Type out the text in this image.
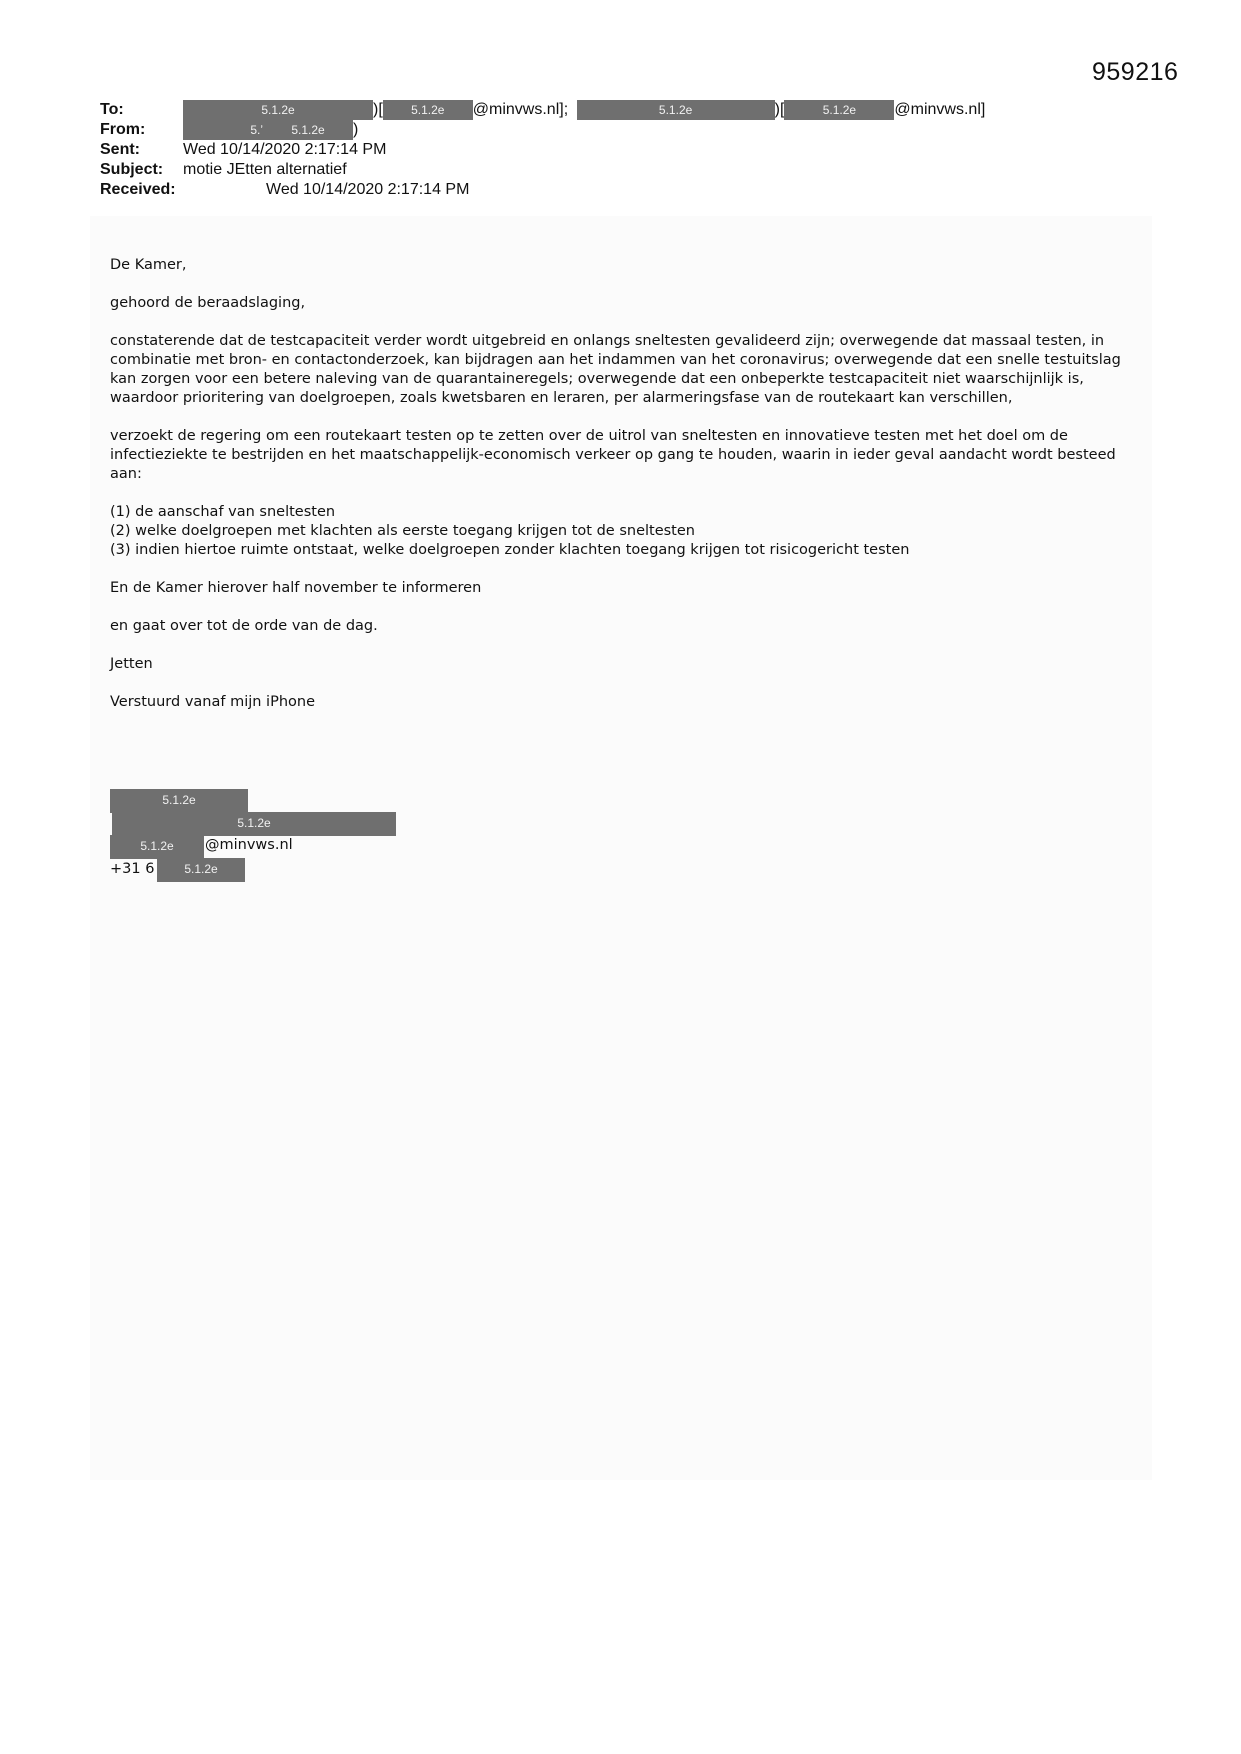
959216
To:	5.1.2e	)[ 5.1.2e @minvws.nl];	5.1.2e	)[	5.1.2e @minvws.nl]
From:	5.ʼ 5.1.2e )
Sent:	Wed 10/14/2020 2:17:14 PM
Subject: motie JEtten alternatief
Received:	Wed 10/14/2020 2:17:14 PM

De Kamer,

gehoord de beraadslaging,

constaterende dat de testcapaciteit verder wordt uitgebreid en onlangs sneltesten gevalideerd zijn; overwegende dat massaal testen, in combinatie met bron- en contactonderzoek, kan bijdragen aan het indammen van het coronavirus; overwegende dat een snelle testuitslag kan zorgen voor een betere naleving van de quarantaineregels; overwegende dat een onbeperkte testcapaciteit niet waarschijnlijk is, waardoor prioritering van doelgroepen, zoals kwetsbaren en leraren, per alarmeringsfase van de routekaart kan verschillen,

verzoekt de regering om een routekaart testen op te zetten over de uitrol van sneltesten en innovatieve testen met het doel om de infectieziekte te bestrijden en het maatschappelijk-economisch verkeer op gang te houden, waarin in ieder geval aandacht wordt besteed aan:

(1) de aanschaf van sneltesten
(2) welke doelgroepen met klachten als eerste toegang krijgen tot de sneltesten
(3) indien hiertoe ruimte ontstaat, welke doelgroepen zonder klachten toegang krijgen tot risicogericht testen

En de Kamer hierover half november te informeren

en gaat over tot de orde van de dag.

Jetten

Verstuurd vanaf mijn iPhone

5.1.2e
5.1.2e
5.1.2e	@minvws.nl
+31 6	5.1.2e
